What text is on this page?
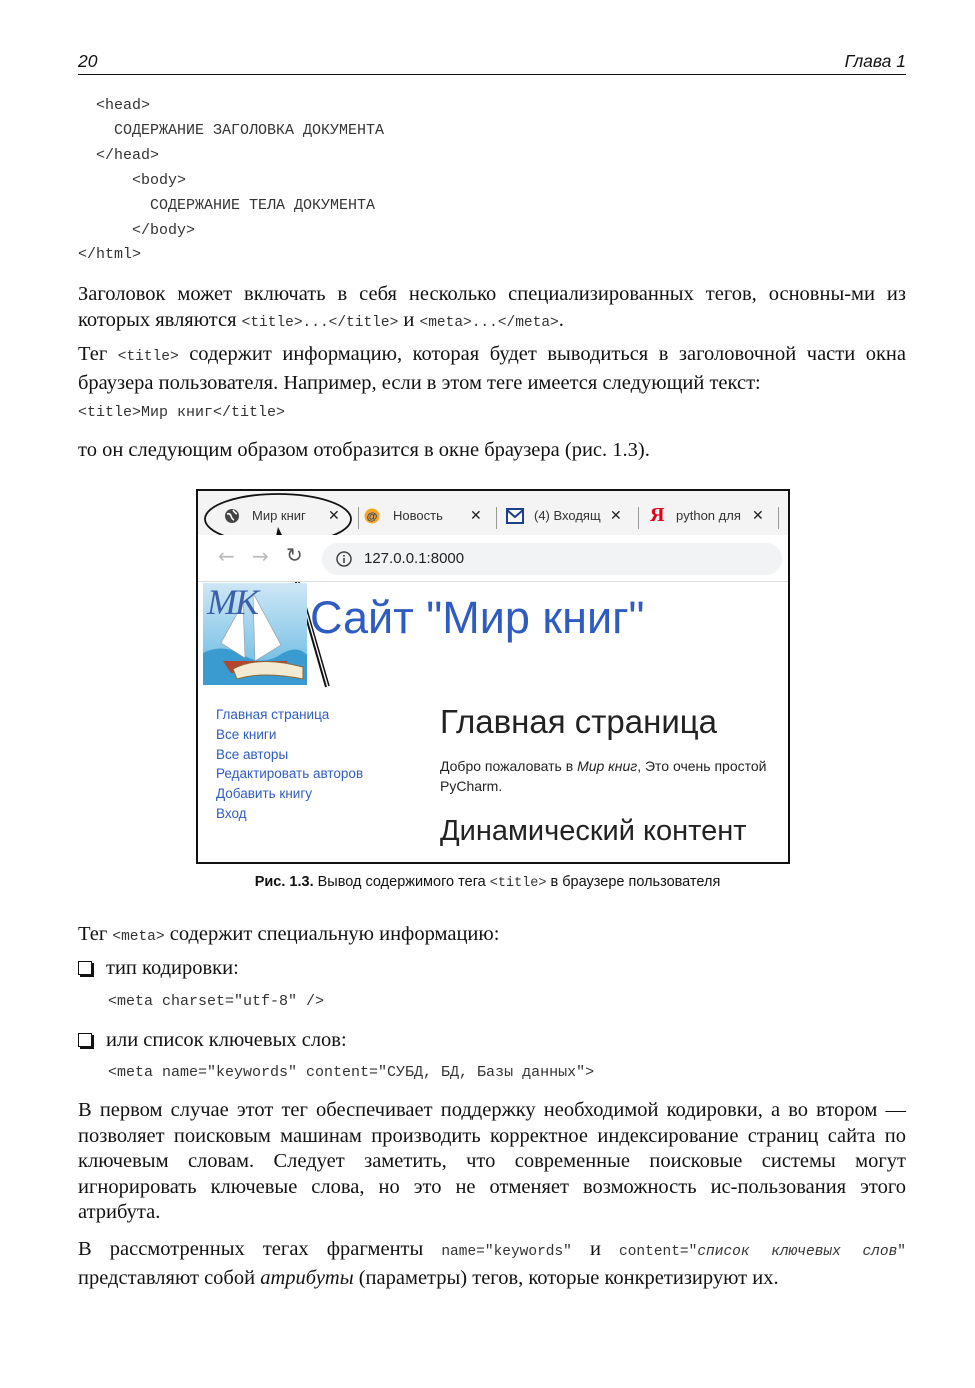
20	Глава 1
<head>
СОДЕРЖАНИЕ ЗАГОЛОВКА ДОКУМЕНТА
</head>
<body>
СОДЕРЖАНИЕ ТЕЛА ДОКУМЕНТА
</body>
</html>
Заголовок может включать в себя несколько специализированных тегов, основны-ми из которых являются <title>...</title> и <meta>...</meta>.
Тег <title> содержит информацию, которая будет выводиться в заголовочной части окна браузера пользователя. Например, если в этом теге имеется следующий текст:
<title>Мир книг</title>
то он следующим образом отобразится в окне браузера (рис. 1.3).
Мир книг ✕ @ Новость ✕	(4) Входящ ✕ Я python для ✕
← → ↻	127.0.0.1:8000
МК Сайт "Мир книг"
Главная страница
Все книги
Все авторы
Редактировать авторов
Добавить книгу
Вход
Главная страница
Добро пожаловать в Мир книг, Это очень простой
PyCharm.
Динамический контент
Рис. 1.3. Вывод содержимого тега <title> в браузере пользователя
Тег <meta> содержит специальную информацию:
тип кодировки:
<meta charset="utf-8" />
или список ключевых слов:
<meta name="keywords" content="СУБД, БД, Базы данных">
В первом случае этот тег обеспечивает поддержку необходимой кодировки, а во втором — позволяет поисковым машинам производить корректное индексирование страниц сайта по ключевым словам. Следует заметить, что современные поисковые системы могут игнорировать ключевые слова, но это не отменяет возможность ис-пользования этого атрибута.
В рассмотренных тегах фрагменты name="keywords" и content="список ключевых слов" представляют собой атрибуты (параметры) тегов, которые конкретизируют их.
